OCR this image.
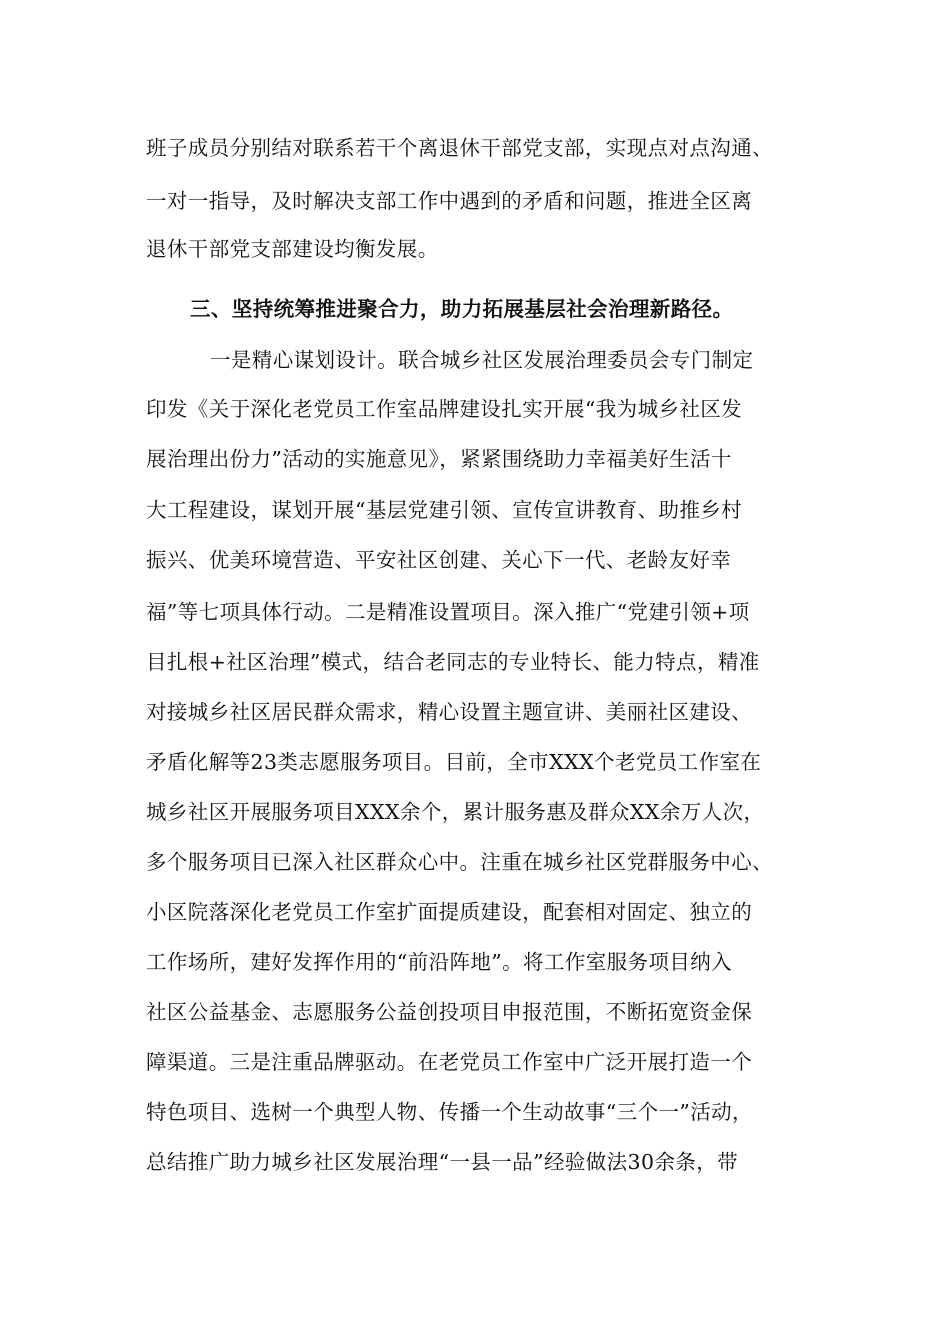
班子成员分别结对联系若干个离退休干部党支部，实现点对点沟通、
一对一指导，及时解决支部工作中遇到的矛盾和问题，推进全区离
退休干部党支部建设均衡发展。
三、坚持统筹推进聚合力，助力拓展基层社会治理新路径。
一是精心谋划设计。联合城乡社区发展治理委员会专门制定
印发《关于深化老党员工作室品牌建设扎实开展“我为城乡社区发
展治理出份力”活动的实施意见》，紧紧围绕助力幸福美好生活十
大工程建设，谋划开展“基层党建引领、宣传宣讲教育、助推乡村
振兴、优美环境营造、平安社区创建、关心下一代、老龄友好幸
福”等七项具体行动。二是精准设置项目。深入推广“党建引领+项
目扎根+社区治理”模式，结合老同志的专业特长、能力特点，精准
对接城乡社区居民群众需求，精心设置主题宣讲、美丽社区建设、
矛盾化解等23类志愿服务项目。目前，全市XXX个老党员工作室在
城乡社区开展服务项目XXX余个，累计服务惠及群众XX余万人次，
多个服务项目已深入社区群众心中。注重在城乡社区党群服务中心、
小区院落深化老党员工作室扩面提质建设，配套相对固定、独立的
工作场所，建好发挥作用的“前沿阵地”。将工作室服务项目纳入
社区公益基金、志愿服务公益创投项目申报范围，不断拓宽资金保
障渠道。三是注重品牌驱动。在老党员工作室中广泛开展打造一个
特色项目、选树一个典型人物、传播一个生动故事“三个一”活动，
总结推广助力城乡社区发展治理“一县一品”经验做法30余条，带
